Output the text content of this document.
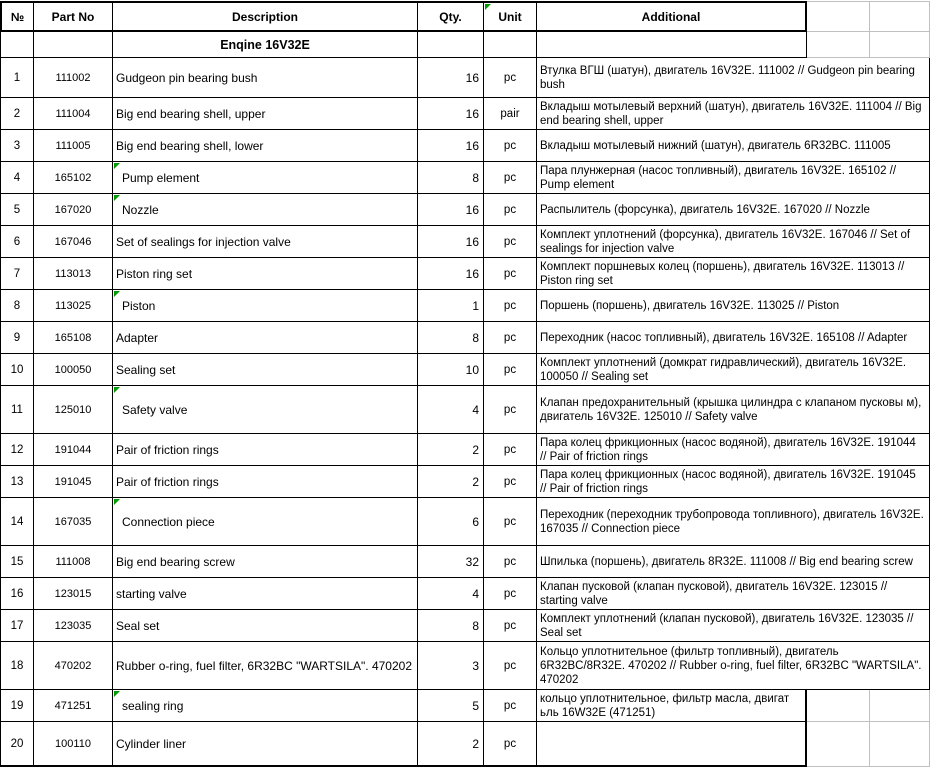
№	Part No	Description	Qty.	Unit	Additional		
		Enqine 16V32E					
1	111002	Gudgeon pin bearing bush	16	pc	Втулка ВГШ (шатун), двигатель 16V32E. 111002 // Gudgeon pin bearing bush		

2	111004	Big end bearing shell, upper	16	pair	Вкладыш мотылевый верхний (шатун), двигатель 16V32E. 111004 // Big end bearing shell, upper		

3	111005	Big end bearing shell, lower	16	pc	Вкладыш мотылевый нижний (шатун), двигатель 6R32BC. 111005		

4	165102	Pump element	8	pc	Пара плунжерная (насос топливный), двигатель 16V32E. 165102 // Pump element		

5	167020	Nozzle	16	pc	Распылитель (форсунка), двигатель 16V32E. 167020 // Nozzle		

6	167046	Set of sealings for injection valve	16	pc	Комплект уплотнений (форсунка), двигатель 16V32E. 167046 // Set of sealings for injection valve		

7	113013	Piston ring set	16	pc	Комплект поршневых колец (поршень), двигатель 16V32E. 113013 // Piston ring set		

8	113025	Piston	1	pc	Поршень (поршень), двигатель 16V32E. 113025 // Piston		

9	165108	Adapter	8	pc	Переходник (насос топливный), двигатель 16V32E. 165108 // Adapter		

10	100050	Sealing set	10	pc	Комплект уплотнений (домкрат гидравлический), двигатель 16V32E. 100050 // Sealing set		

11	125010	Safety valve	4	pc	Клапан предохранительный (крышка цилиндра с клапаном пусковы м), двигатель 16V32E. 125010 // Safety valve		

12	191044	Pair of friction rings	2	pc	Пара колец фрикционных (насос водяной), двигатель 16V32E. 191044 // Pair of friction rings		

13	191045	Pair of friction rings	2	pc	Пара колец фрикционных (насос водяной), двигатель 16V32E. 191045 // Pair of friction rings		

14	167035	Connection piece	6	pc	Переходник (переходник трубопровода топливного), двигатель 16V32E. 167035 // Connection piece		

15	111008	Big end bearing screw	32	pc	Шпилька (поршень), двигатель 8R32E. 111008 // Big end bearing screw		

16	123015	starting valve	4	pc	Клапан пусковой (клапан пусковой), двигатель 16V32E. 123015 // starting valve		

17	123035	Seal set	8	pc	Комплект уплотнений (клапан пусковой), двигатель 16V32E. 123035 // Seal set		

18	470202	Rubber o-ring, fuel filter, 6R32BC "WARTSILA". 470202	3	pc	Кольцо уплотнительное (фильтр топливный), двигатель 6R32BC/8R32E. 470202 // Rubber o-ring, fuel filter, 6R32BC "WARTSILA". 470202		

19	471251	sealing ring	5	pc	кольцо уплотнительное, фильтр масла, двигат ьль 16W32E (471251)		

20	100110	Cylinder liner	2	pc	
